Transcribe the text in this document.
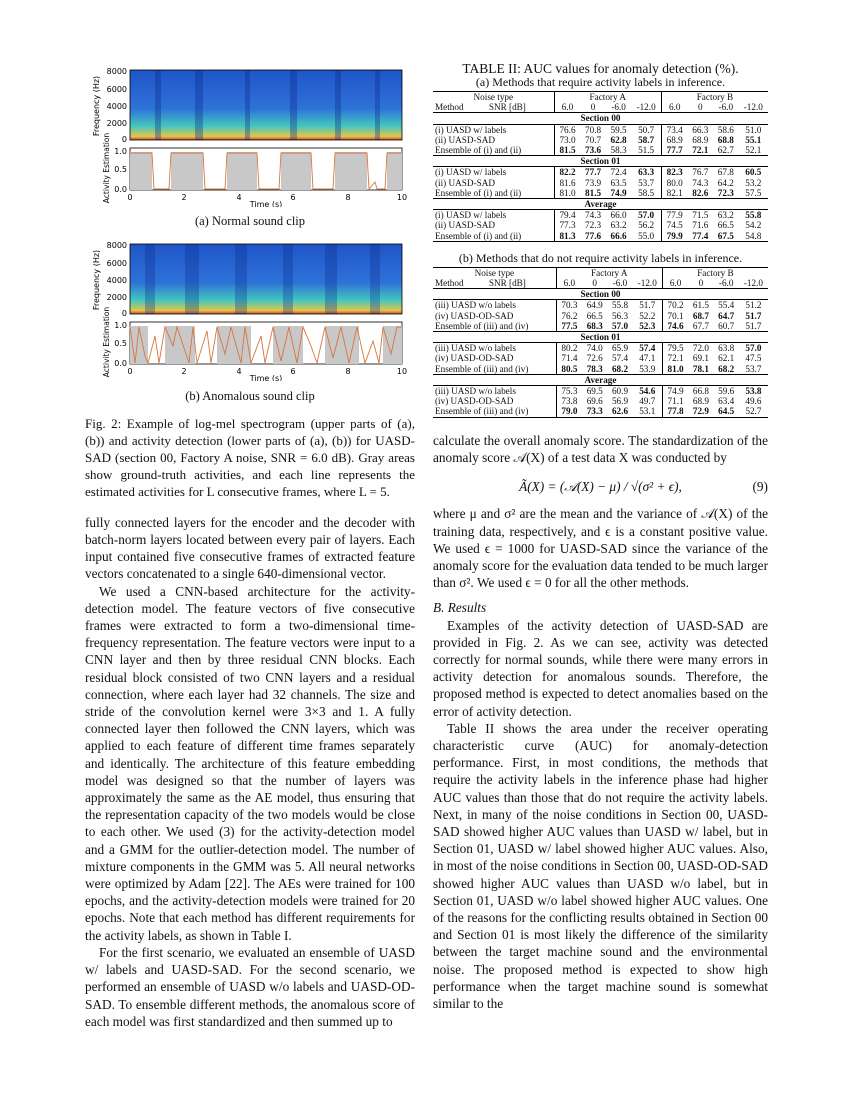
8000
6000
4000
2000
0
Frequency (Hz)
1.0
0.5
0.0
Activity Estimation 0	2	4	6	8	10
Time (s)
(a) Normal sound clip
8000
6000
4000
2000
0
Frequency (Hz)
1.0
0.5
0.0
Activity Estimation 0	2	4	6	8	10
Time (s)
(b) Anomalous sound clip
Fig. 2: Example of log-mel spectrogram (upper parts of (a), (b)) and activity detection (lower parts of (a), (b)) for UASD-SAD (section 00, Factory A noise, SNR = 6.0 dB). Gray areas show ground-truth activities, and each line represents the estimated activities for L consecutive frames, where L = 5.

fully connected layers for the encoder and the decoder with batch-norm layers located between every pair of layers. Each input contained five consecutive frames of extracted feature vectors concatenated to a single 640-dimensional vector.

We used a CNN-based architecture for the activity-detection model. The feature vectors of five consecutive frames were extracted to form a two-dimensional time-frequency representation. The feature vectors were input to a CNN layer and then by three residual CNN blocks. Each residual block consisted of two CNN layers and a residual connection, where each layer had 32 channels. The size and stride of the convolution kernel were 3×3 and 1. A fully connected layer then followed the CNN layers, which was applied to each feature of different time frames separately and identically. The architecture of this feature embedding model was designed so that the number of layers was approximately the same as the AE model, thus ensuring that the representation capacity of the two models would be close to each other. We used (3) for the activity-detection model and a GMM for the outlier-detection model. The number of mixture components in the GMM was 5. All neural networks were optimized by Adam [22]. The AEs were trained for 100 epochs, and the activity-detection models were trained for 20 epochs. Note that each method has different requirements for the activity labels, as shown in Table I.

For the first scenario, we evaluated an ensemble of UASD w/ labels and UASD-SAD. For the second scenario, we performed an ensemble of UASD w/o labels and UASD-OD-SAD. To ensemble different methods, the anomalous score of each model was first standardized and then summed up to

TABLE II: AUC values for anomaly detection (%).
(a) Methods that require activity labels in inference.
Noise type	Factory A				Factory B			
Method           SNR [dB]	6.0	0	-6.0	-12.0	6.0	0	-6.0	-12.0
Section 00								
(i) UASD w/ labels	76.6	70.8	59.5	50.7	73.4	66.3	58.6	51.0
(ii) UASD-SAD	73.0	70.7	62.8	58.7	68.9	68.9	68.8	55.1
Ensemble of (i) and (ii)	81.5	73.6	58.3	51.5	77.7	72.1	62.7	52.1
Section 01								
(i) UASD w/ labels	82.2	77.7	72.4	63.3	82.3	76.7	67.8	60.5
(ii) UASD-SAD	81.6	73.9	63.5	53.7	80.0	74.3	64.2	53.2
Ensemble of (i) and (ii)	81.0	81.5	74.9	58.5	82.1	82.6	72.3	57.5
Average								
(i) UASD w/ labels	79.4	74.3	66.0	57.0	77.9	71.5	63.2	55.8
(ii) UASD-SAD	77.3	72.3	63.2	56.2	74.5	71.6	66.5	54.2
Ensemble of (i) and (ii)	81.3	77.6	66.6	55.0	79.9	77.4	67.5	54.8
(b) Methods that do not require activity labels in inference.
Noise type	Factory A				Factory B			
Method           SNR [dB]	6.0	0	-6.0	-12.0	6.0	0	-6.0	-12.0
Section 00								
(iii) UASD w/o labels	70.3	64.9	55.8	51.7	70.2	61.5	55.4	51.2
(iv) UASD-OD-SAD	76.2	66.5	56.3	52.2	70.1	68.7	64.7	51.7
Ensemble of (iii) and (iv)	77.5	68.3	57.0	52.3	74.6	67.7	60.7	51.7
Section 01								
(iii) UASD w/o labels	80.2	74.0	65.9	57.4	79.5	72.0	63.8	57.0
(iv) UASD-OD-SAD	71.4	72.6	57.4	47.1	72.1	69.1	62.1	47.5
Ensemble of (iii) and (iv)	80.5	78.3	68.2	53.9	81.0	78.1	68.2	53.7
Average								
(iii) UASD w/o labels	75.3	69.5	60.9	54.6	74.9	66.8	59.6	53.8
(iv) UASD-OD-SAD	73.8	69.6	56.9	49.7	71.1	68.9	63.4	49.6
Ensemble of (iii) and (iv)	79.0	73.3	62.6	53.1	77.8	72.9	64.5	52.7

calculate the overall anomaly score. The standardization of the anomaly score 𝒜(X) of a test data X was conducted by

Ã(X) = (𝒜(X) − μ) / √(σ² + ϵ),	(9)

where μ and σ² are the mean and the variance of 𝒜(X) of the training data, respectively, and ϵ is a constant positive value. We used ϵ = 1000 for UASD-SAD since the variance of the anomaly score for the evaluation data tended to be much larger than σ². We used ϵ = 0 for all the other methods.

B. Results

Examples of the activity detection of UASD-SAD are provided in Fig. 2. As we can see, activity was detected correctly for normal sounds, while there were many errors in activity detection for anomalous sounds. Therefore, the proposed method is expected to detect anomalies based on the error of activity detection.

Table II shows the area under the receiver operating characteristic curve (AUC) for anomaly-detection performance. First, in most conditions, the methods that require the activity labels in the inference phase had higher AUC values than those that do not require the activity labels. Next, in many of the noise conditions in Section 00, UASD-SAD showed higher AUC values than UASD w/ label, but in Section 01, UASD w/ label showed higher AUC values. Also, in most of the noise conditions in Section 00, UASD-OD-SAD showed higher AUC values than UASD w/o label, but in Section 01, UASD w/o label showed higher AUC values. One of the reasons for the conflicting results obtained in Section 00 and Section 01 is most likely the difference of the similarity between the target machine sound and the environmental noise. The proposed method is expected to show high performance when the target machine sound is somewhat similar to the
